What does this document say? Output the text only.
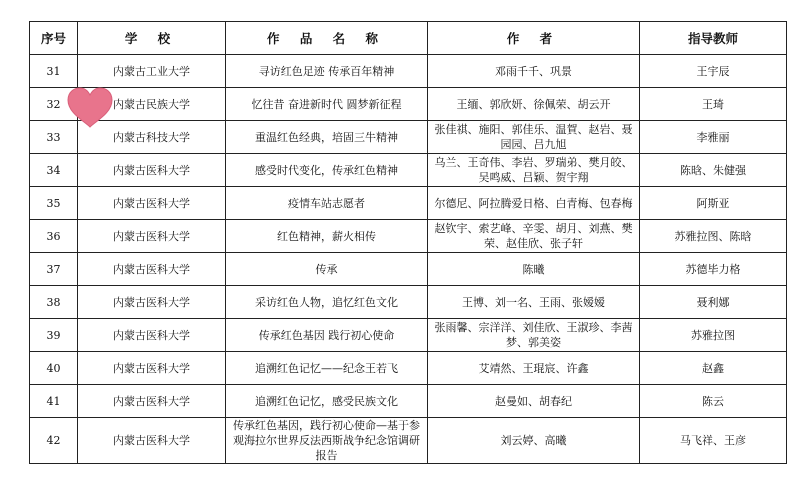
序号	学 校	作 品 名 称	作 者	指导教师
31	内蒙古工业大学	寻访红色足迹 传承百年精神	邓雨千千、巩景	王宇辰
32	内蒙古民族大学	忆往昔 奋进新时代 圆梦新征程	王缅、郭欣妍、徐佩荣、胡云开	王琦
33	内蒙古科技大学	重温红色经典，培固三牛精神	张佳祺、施阳、郭佳乐、温賀、赵岩、聂园园、吕九旭	李雅丽
34	内蒙古医科大学	感受时代变化，传承红色精神	乌兰、王奇伟、李岩、罗瑞弟、樊月皎、吴鸣威、吕颖、贺宇翔	陈晗、朱健强
35	内蒙古医科大学	疫情车站志愿者	尔德尼、阿拉腾爱日格、白青梅、包春梅	阿斯亚
36	内蒙古医科大学	红色精神，薪火相传	赵钦宇、索艺峰、辛雯、胡月、刘燕、樊荣、赵佳欣、张子轩	苏雅拉图、陈晗
37	内蒙古医科大学	传承	陈曦	苏德毕力格
38	内蒙古医科大学	采访红色人物，追忆红色文化	王博、刘一名、王雨、张嫒嫒	聂利娜
39	内蒙古医科大学	传承红色基因 践行初心使命	张雨馨、宗洋洋、刘佳欣、王淑珍、李茜梦、郭美姿	苏雅拉图
40	内蒙古医科大学	追溯红色记忆——纪念王若飞	艾靖然、王琨宸、许鑫	赵鑫
41	内蒙古医科大学	追溯红色记忆，感受民族文化	赵曼如、胡春纪	陈云
42	内蒙古医科大学	传承红色基因，践行初心使命—基于参观海拉尔世界反法西斯战争纪念馆调研报告	刘云婷、高曦	马飞祥、王彦
